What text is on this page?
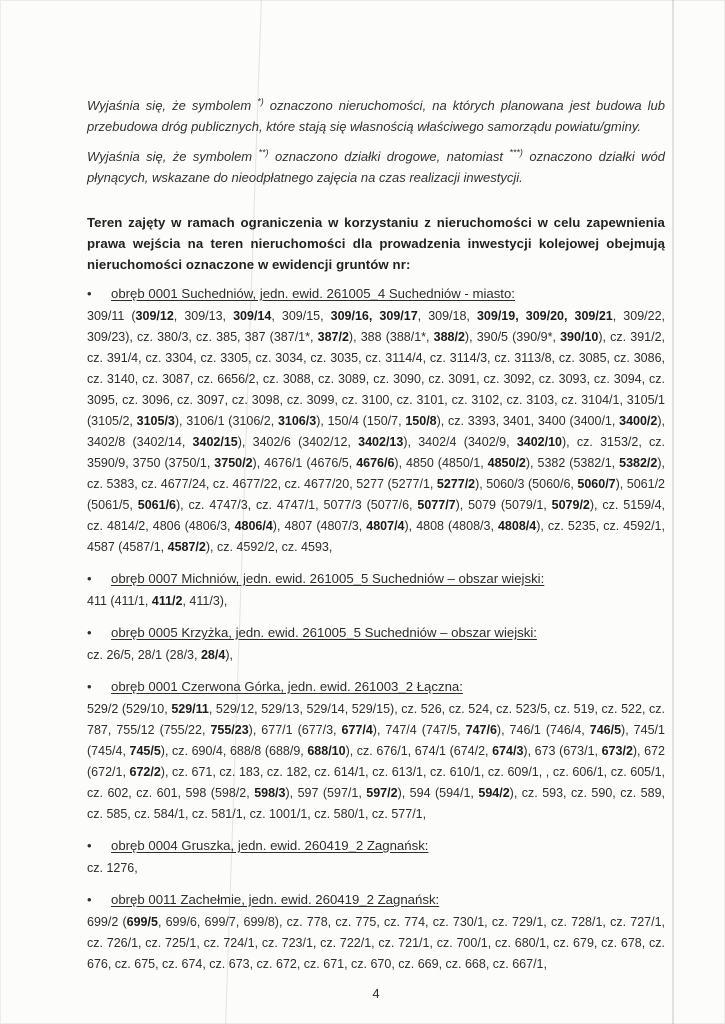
Wyjaśnia się, że symbolem *) oznaczono nieruchomości, na których planowana jest budowa lub przebudowa dróg publicznych, które stają się własnością właściwego samorządu powiatu/gminy.

Wyjaśnia się, że symbolem **) oznaczono działki drogowe, natomiast ***) oznaczono działki wód płynących, wskazane do nieodpłatnego zajęcia na czas realizacji inwestycji.

Teren zajęty w ramach ograniczenia w korzystaniu z nieruchomości w celu zapewnienia prawa wejścia na teren nieruchomości dla prowadzenia inwestycji kolejowej obejmują nieruchomości oznaczone w ewidencji gruntów nr:

•	obręb 0001 Suchedniów, jedn. ewid. 261005_4 Suchedniów - miasto:

309/11 (309/12, 309/13, 309/14, 309/15, 309/16, 309/17, 309/18, 309/19, 309/20, 309/21, 309/22, 309/23), cz. 380/3, cz. 385, 387 (387/1*, 387/2), 388 (388/1*, 388/2), 390/5 (390/9*, 390/10), cz. 391/2, cz. 391/4, cz. 3304, cz. 3305, cz. 3034, cz. 3035, cz. 3114/4, cz. 3114/3, cz. 3113/8, cz. 3085, cz. 3086, cz. 3140, cz. 3087, cz. 6656/2, cz. 3088, cz. 3089, cz. 3090, cz. 3091, cz. 3092, cz. 3093, cz. 3094, cz. 3095, cz. 3096, cz. 3097, cz. 3098, cz. 3099, cz. 3100, cz. 3101, cz. 3102, cz. 3103, cz. 3104/1, 3105/1 (3105/2, 3105/3), 3106/1 (3106/2, 3106/3), 150/4 (150/7, 150/8), cz. 3393, 3401, 3400 (3400/1, 3400/2), 3402/8 (3402/14, 3402/15), 3402/6 (3402/12, 3402/13), 3402/4 (3402/9, 3402/10), cz. 3153/2, cz. 3590/9, 3750 (3750/1, 3750/2), 4676/1 (4676/5, 4676/6), 4850 (4850/1, 4850/2), 5382 (5382/1, 5382/2), cz. 5383, cz. 4677/24, cz. 4677/22, cz. 4677/20, 5277 (5277/1, 5277/2), 5060/3 (5060/6, 5060/7), 5061/2 (5061/5, 5061/6), cz. 4747/3, cz. 4747/1, 5077/3 (5077/6, 5077/7), 5079 (5079/1, 5079/2), cz. 5159/4, cz. 4814/2, 4806 (4806/3, 4806/4), 4807 (4807/3, 4807/4), 4808 (4808/3, 4808/4), cz. 5235, cz. 4592/1, 4587 (4587/1, 4587/2), cz. 4592/2, cz. 4593,

•	obręb 0007 Michniów, jedn. ewid. 261005_5 Suchedniów – obszar wiejski:

411 (411/1, 411/2, 411/3),

•	obręb 0005 Krzyżka, jedn. ewid. 261005_5 Suchedniów – obszar wiejski:

cz. 26/5, 28/1 (28/3, 28/4),

•	obręb 0001 Czerwona Górka, jedn. ewid. 261003_2 Łączna:

529/2 (529/10, 529/11, 529/12, 529/13, 529/14, 529/15), cz. 526, cz. 524, cz. 523/5, cz. 519, cz. 522, cz. 787, 755/12 (755/22, 755/23), 677/1 (677/3, 677/4), 747/4 (747/5, 747/6), 746/1 (746/4, 746/5), 745/1 (745/4, 745/5), cz. 690/4, 688/8 (688/9, 688/10), cz. 676/1, 674/1 (674/2, 674/3), 673 (673/1, 673/2), 672 (672/1, 672/2), cz. 671, cz. 183, cz. 182, cz. 614/1, cz. 613/1, cz. 610/1, cz. 609/1, , cz. 606/1, cz. 605/1, cz. 602, cz. 601, 598 (598/2, 598/3), 597 (597/1, 597/2), 594 (594/1, 594/2), cz. 593, cz. 590, cz. 589, cz. 585, cz. 584/1, cz. 581/1, cz. 1001/1, cz. 580/1, cz. 577/1,

•	obręb 0004 Gruszka, jedn. ewid. 260419_2 Zagnańsk:

cz. 1276,

•	obręb 0011 Zachełmie, jedn. ewid. 260419_2 Zagnańsk:

699/2 (699/5, 699/6, 699/7, 699/8), cz. 778, cz. 775, cz. 774, cz. 730/1, cz. 729/1, cz. 728/1, cz. 727/1, cz. 726/1, cz. 725/1, cz. 724/1, cz. 723/1, cz. 722/1, cz. 721/1, cz. 700/1, cz. 680/1, cz. 679, cz. 678, cz. 676, cz. 675, cz. 674, cz. 673, cz. 672, cz. 671, cz. 670, cz. 669, cz. 668, cz. 667/1,

4
